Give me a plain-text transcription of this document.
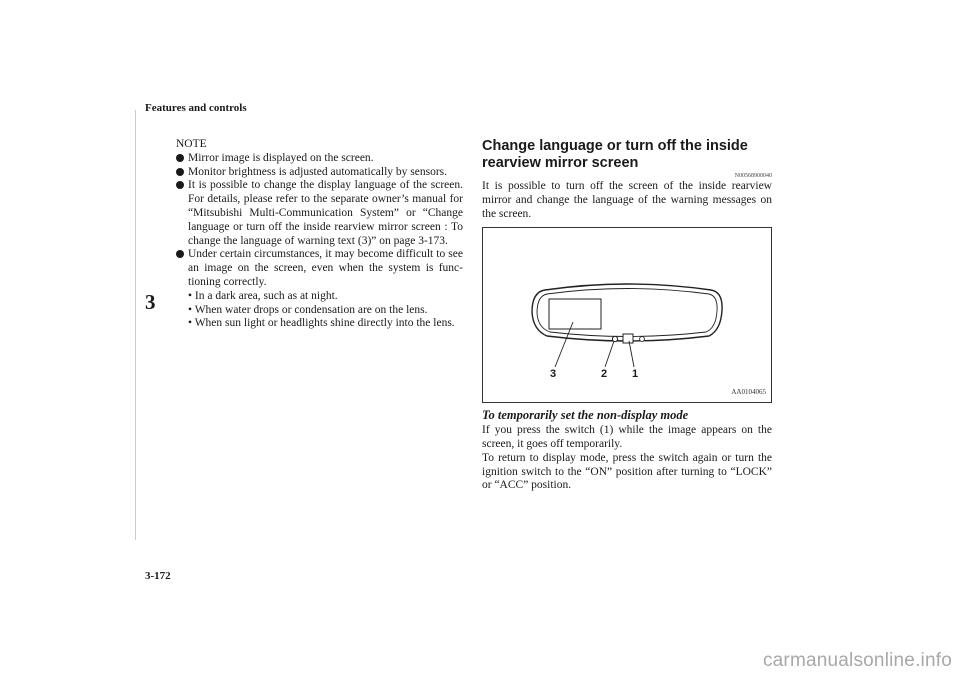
Features and controls
3
NOTE
Mirror image is displayed on the screen.
Monitor brightness is adjusted automatically by sensors.
It is possible to change the display language of the screen. For details, please refer to the separate owner’s manual for “Mitsubishi Multi-Communication System” or “Change language or turn off the inside rearview mirror screen : To change the language of warning text (3)” on page 3-173.
Under certain circumstances, it may become difficult to see an image on the screen, even when the system is func-tioning correctly.
• In a dark area, such as at night.
• When water drops or condensation are on the lens.
• When sun light or headlights shine directly into the lens.
Change language or turn off the inside rearview mirror screen
N00568900040

It is possible to turn off the screen of the inside rearview mirror and change the language of the warning messages on the screen.

3	2 1
AA0104065

To temporarily set the non-display mode

If you press the switch (1) while the image appears on the screen, it goes off temporarily.

To return to display mode, press the switch again or turn the ignition switch to the “ON” position after turning to “LOCK” or “ACC” position.

3-172
carmanualsonline.info
